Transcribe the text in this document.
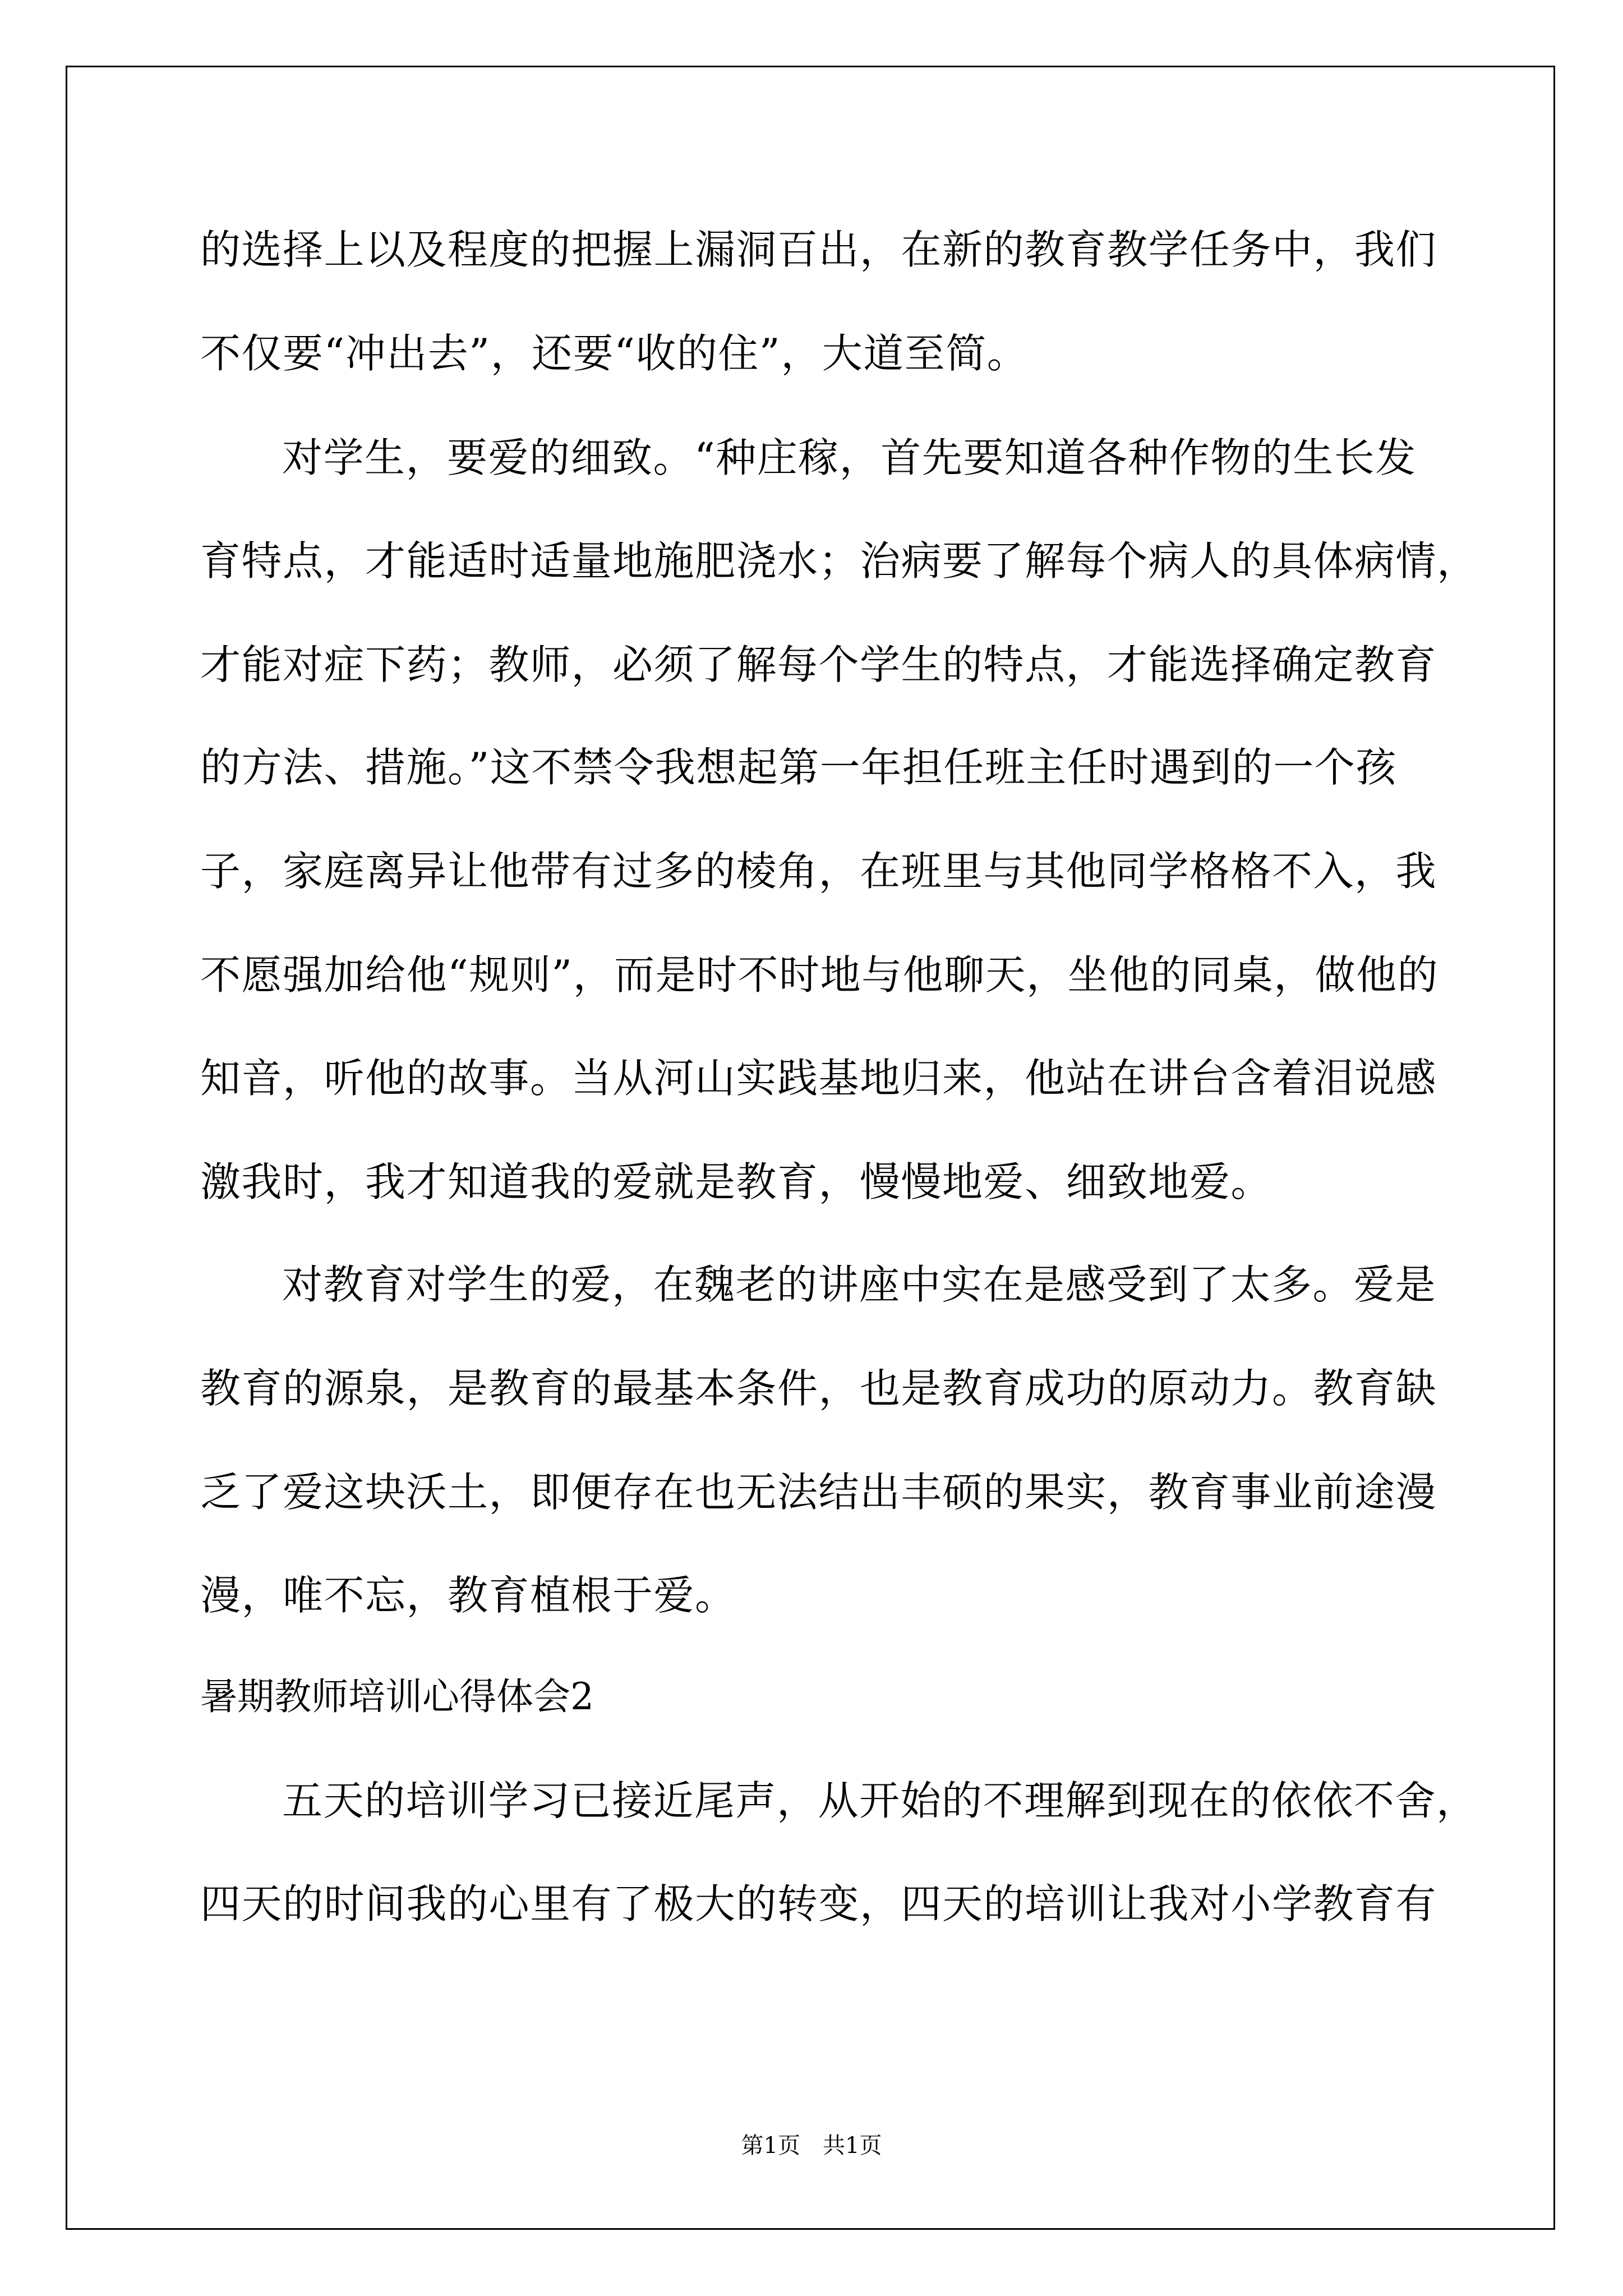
的选择上以及程度的把握上漏洞百出，在新的教育教学任务中，我们
不仅要“冲出去”，还要“收的住”，大道至简。
对学生，要爱的细致。“种庄稼，首先要知道各种作物的生长发
育特点，才能适时适量地施肥浇水；治病要了解每个病人的具体病情，
才能对症下药；教师，必须了解每个学生的特点，才能选择确定教育
的方法、措施。”这不禁令我想起第一年担任班主任时遇到的一个孩
子，家庭离异让他带有过多的棱角，在班里与其他同学格格不入，我
不愿强加给他“规则”，而是时不时地与他聊天，坐他的同桌，做他的
知音，听他的故事。当从河山实践基地归来，他站在讲台含着泪说感
激我时，我才知道我的爱就是教育，慢慢地爱、细致地爱。
对教育对学生的爱，在魏老的讲座中实在是感受到了太多。爱是
教育的源泉，是教育的最基本条件，也是教育成功的原动力。教育缺
乏了爱这块沃土，即便存在也无法结出丰硕的果实，教育事业前途漫
漫，唯不忘，教育植根于爱。
暑期教师培训心得体会2
五天的培训学习已接近尾声，从开始的不理解到现在的依依不舍，
四天的时间我的心里有了极大的转变，四天的培训让我对小学教育有
第1页 共1页
